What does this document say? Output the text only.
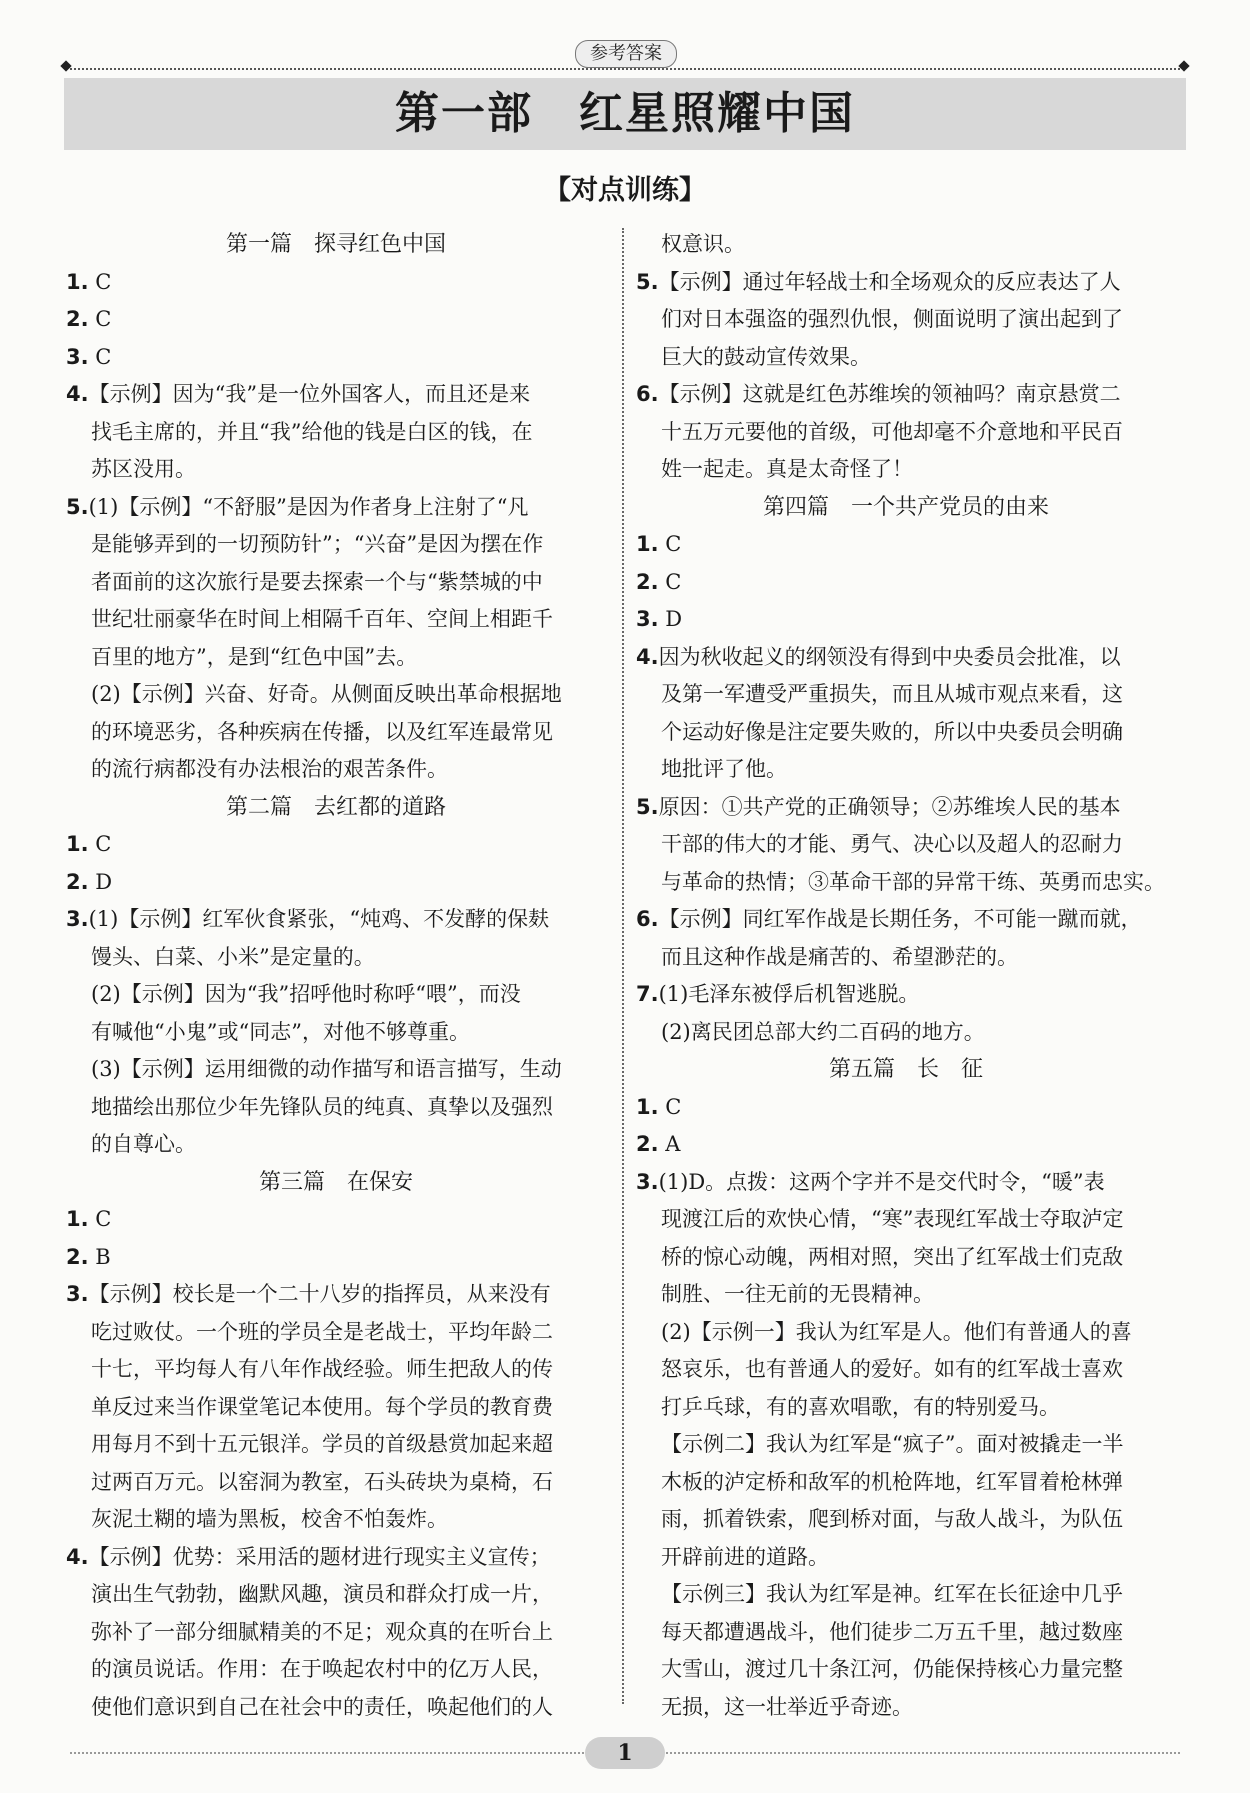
参考答案
第一部　红星照耀中国
【对点训练】
第一篇　探寻红色中国
1. C
2. C
3. C
4.【示例】因为“我”是一位外国客人，而且还是来
找毛主席的，并且“我”给他的钱是白区的钱，在
苏区没用。
5.(1)【示例】“不舒服”是因为作者身上注射了“凡
是能够弄到的一切预防针”；“兴奋”是因为摆在作
者面前的这次旅行是要去探索一个与“紫禁城的中
世纪壮丽豪华在时间上相隔千百年、空间上相距千
百里的地方”，是到“红色中国”去。
(2)【示例】兴奋、好奇。从侧面反映出革命根据地
的环境恶劣，各种疾病在传播，以及红军连最常见
的流行病都没有办法根治的艰苦条件。
第二篇　去红都的道路
1. C
2. D
3.(1)【示例】红军伙食紧张，“炖鸡、不发酵的保麸
馒头、白菜、小米”是定量的。
(2)【示例】因为“我”招呼他时称呼“喂”，而没
有喊他“小鬼”或“同志”，对他不够尊重。
(3)【示例】运用细微的动作描写和语言描写，生动
地描绘出那位少年先锋队员的纯真、真挚以及强烈
的自尊心。
第三篇　在保安
1. C
2. B
3.【示例】校长是一个二十八岁的指挥员，从来没有
吃过败仗。一个班的学员全是老战士，平均年龄二
十七，平均每人有八年作战经验。师生把敌人的传
单反过来当作课堂笔记本使用。每个学员的教育费
用每月不到十五元银洋。学员的首级悬赏加起来超
过两百万元。以窑洞为教室，石头砖块为桌椅，石
灰泥土糊的墙为黑板，校舍不怕轰炸。
4.【示例】优势：采用活的题材进行现实主义宣传；
演出生气勃勃，幽默风趣，演员和群众打成一片，
弥补了一部分细腻精美的不足；观众真的在听台上
的演员说话。作用：在于唤起农村中的亿万人民，
使他们意识到自己在社会中的责任，唤起他们的人
权意识。
5.【示例】通过年轻战士和全场观众的反应表达了人
们对日本强盗的强烈仇恨，侧面说明了演出起到了
巨大的鼓动宣传效果。
6.【示例】这就是红色苏维埃的领袖吗？南京悬赏二
十五万元要他的首级，可他却毫不介意地和平民百
姓一起走。真是太奇怪了！
第四篇　一个共产党员的由来
1. C
2. C
3. D
4.因为秋收起义的纲领没有得到中央委员会批准，以
及第一军遭受严重损失，而且从城市观点来看，这
个运动好像是注定要失败的，所以中央委员会明确
地批评了他。
5.原因：①共产党的正确领导；②苏维埃人民的基本
干部的伟大的才能、勇气、决心以及超人的忍耐力
与革命的热情；③革命干部的异常干练、英勇而忠实。
6.【示例】同红军作战是长期任务，不可能一蹴而就，
而且这种作战是痛苦的、希望渺茫的。
7.(1)毛泽东被俘后机智逃脱。
(2)离民团总部大约二百码的地方。
第五篇　长　征
1. C
2. A
3.(1)D。点拨：这两个字并不是交代时令，“暖”表
现渡江后的欢快心情，“寒”表现红军战士夺取泸定
桥的惊心动魄，两相对照，突出了红军战士们克敌
制胜、一往无前的无畏精神。
(2)【示例一】我认为红军是人。他们有普通人的喜
怒哀乐，也有普通人的爱好。如有的红军战士喜欢
打乒乓球，有的喜欢唱歌，有的特别爱马。
【示例二】我认为红军是“疯子”。面对被撬走一半
木板的泸定桥和敌军的机枪阵地，红军冒着枪林弹
雨，抓着铁索，爬到桥对面，与敌人战斗，为队伍
开辟前进的道路。
【示例三】我认为红军是神。红军在长征途中几乎
每天都遭遇战斗，他们徒步二万五千里，越过数座
大雪山，渡过几十条江河，仍能保持核心力量完整
无损，这一壮举近乎奇迹。
1
